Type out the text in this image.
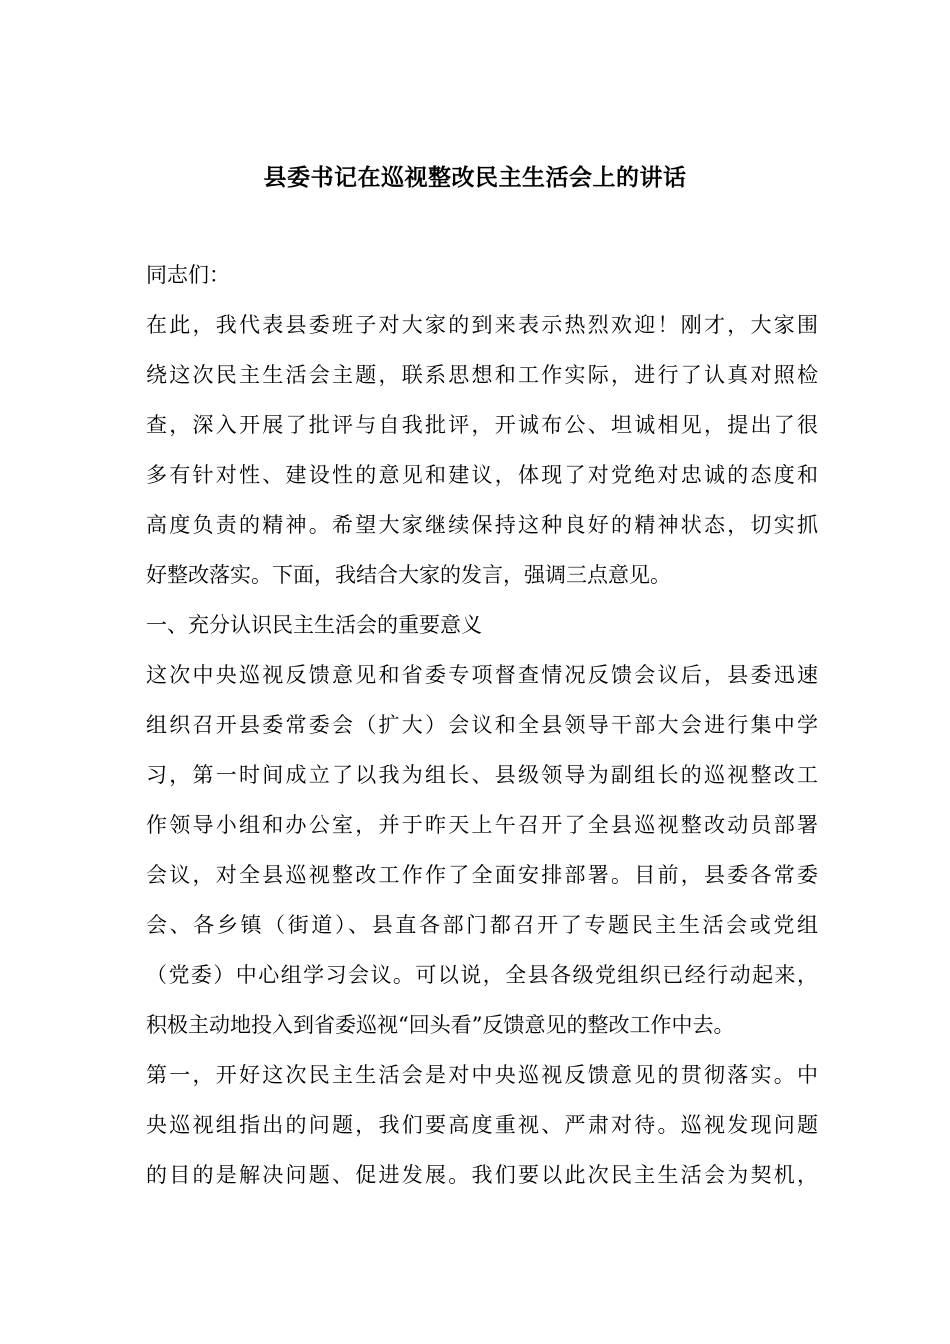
县委书记在巡视整改民主生活会上的讲话

同志们：

在此，我代表县委班子对大家的到来表示热烈欢迎！刚才，大家围

绕这次民主生活会主题，联系思想和工作实际，进行了认真对照检

查，深入开展了批评与自我批评，开诚布公、坦诚相见，提出了很

多有针对性、建设性的意见和建议，体现了对党绝对忠诚的态度和

高度负责的精神。希望大家继续保持这种良好的精神状态，切实抓

好整改落实。下面，我结合大家的发言，强调三点意见。

一、充分认识民主生活会的重要意义

这次中央巡视反馈意见和省委专项督查情况反馈会议后，县委迅速

组织召开县委常委会（扩大）会议和全县领导干部大会进行集中学

习，第一时间成立了以我为组长、县级领导为副组长的巡视整改工

作领导小组和办公室，并于昨天上午召开了全县巡视整改动员部署

会议，对全县巡视整改工作作了全面安排部署。目前，县委各常委

会、各乡镇（街道）、县直各部门都召开了专题民主生活会或党组

（党委）中心组学习会议。可以说，全县各级党组织已经行动起来，

积极主动地投入到省委巡视“回头看”反馈意见的整改工作中去。

第一，开好这次民主生活会是对中央巡视反馈意见的贯彻落实。中

央巡视组指出的问题，我们要高度重视、严肃对待。巡视发现问题

的目的是解决问题、促进发展。我们要以此次民主生活会为契机，
